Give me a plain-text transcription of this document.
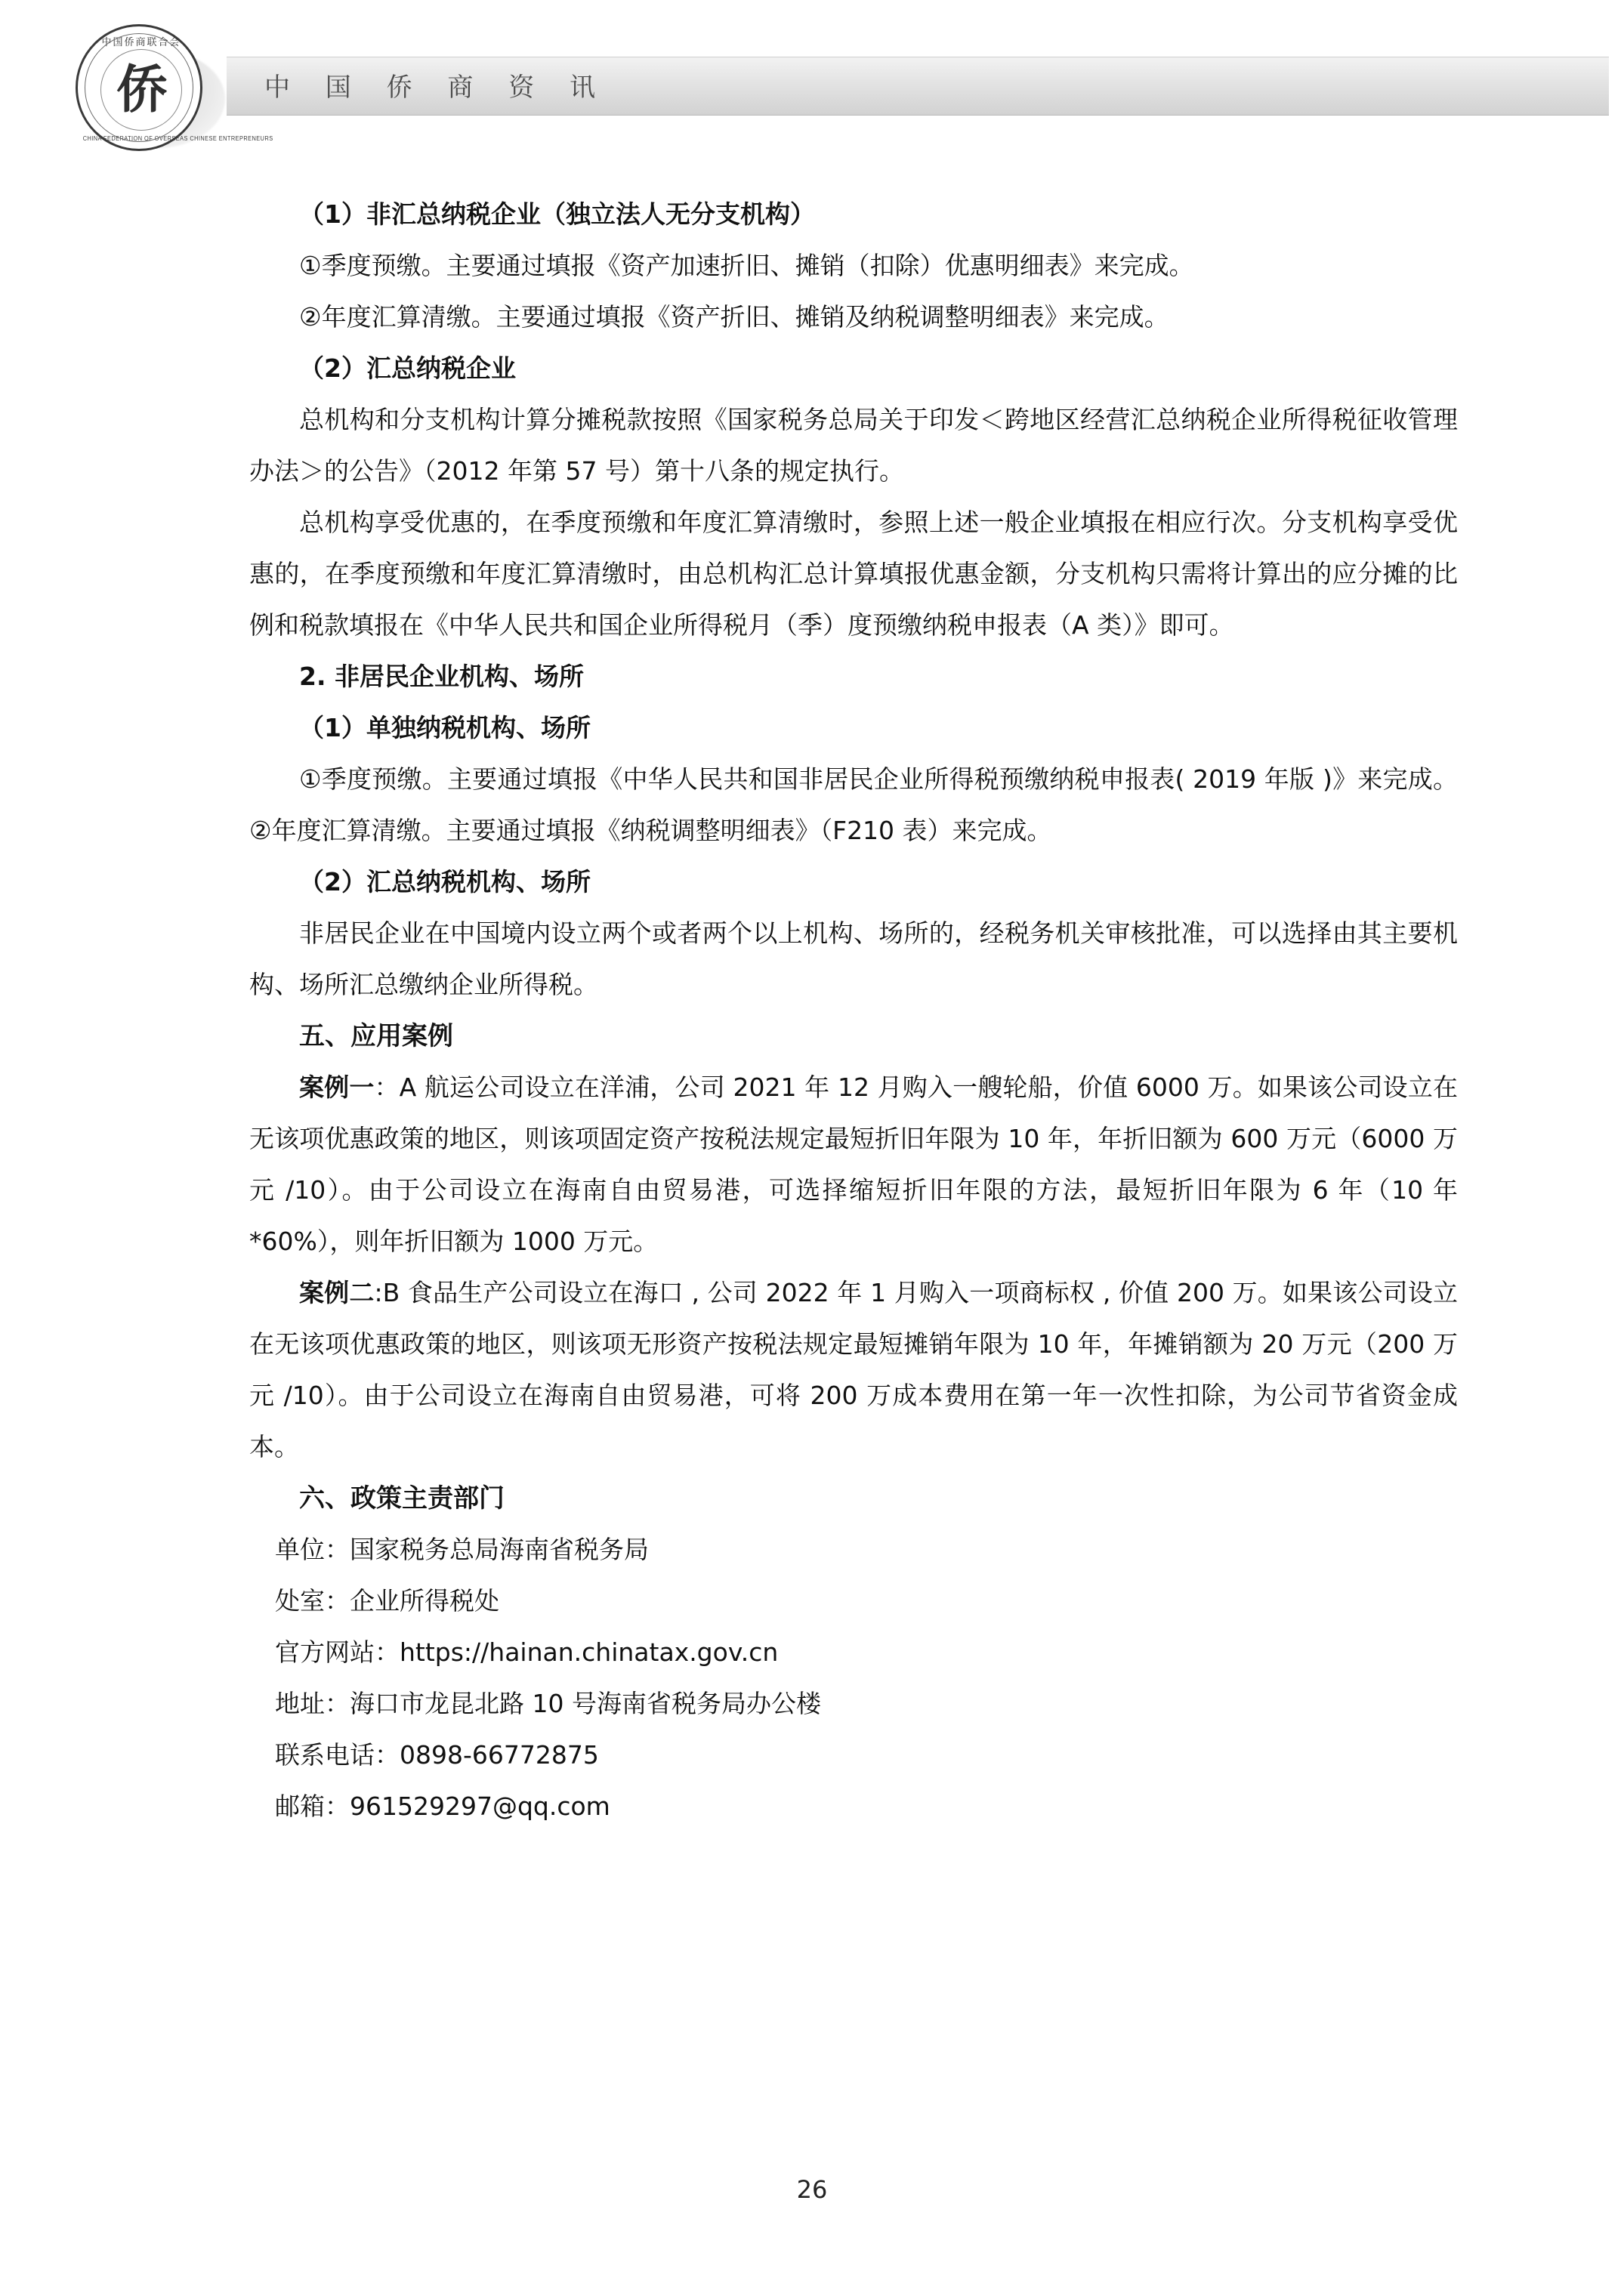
中 国 侨 商 资 讯
中国侨商联合会
侨
CHINA FEDERATION OF OVERSEAS CHINESE ENTREPRENEURS

（1）非汇总纳税企业（独立法人无分支机构）

①季度预缴。主要通过填报《资产加速折旧、摊销（扣除）优惠明细表》来完成。

②年度汇算清缴。主要通过填报《资产折旧、摊销及纳税调整明细表》来完成。

（2）汇总纳税企业

总机构和分支机构计算分摊税款按照《国家税务总局关于印发＜跨地区经营汇总纳税企业所得税征收管理办法＞的公告》（2012 年第 57 号）第十八条的规定执行。

总机构享受优惠的，在季度预缴和年度汇算清缴时，参照上述一般企业填报在相应行次。分支机构享受优惠的，在季度预缴和年度汇算清缴时，由总机构汇总计算填报优惠金额，分支机构只需将计算出的应分摊的比例和税款填报在《中华人民共和国企业所得税月（季）度预缴纳税申报表（A 类）》即可。

2. 非居民企业机构、场所

（1）单独纳税机构、场所

①季度预缴。主要通过填报《中华人民共和国非居民企业所得税预缴纳税申报表( 2019 年版 )》来完成。②年度汇算清缴。主要通过填报《纳税调整明细表》（F210 表）来完成。

（2）汇总纳税机构、场所

非居民企业在中国境内设立两个或者两个以上机构、场所的，经税务机关审核批准，可以选择由其主要机构、场所汇总缴纳企业所得税。

五、应用案例

案例一：A 航运公司设立在洋浦，公司 2021 年 12 月购入一艘轮船，价值 6000 万。如果该公司设立在无该项优惠政策的地区，则该项固定资产按税法规定最短折旧年限为 10 年，年折旧额为 600 万元（6000 万元 /10）。由于公司设立在海南自由贸易港，可选择缩短折旧年限的方法，最短折旧年限为 6 年（10 年 *60%），则年折旧额为 1000 万元。

案例二:B 食品生产公司设立在海口 , 公司 2022 年 1 月购入一项商标权 , 价值 200 万。如果该公司设立在无该项优惠政策的地区，则该项无形资产按税法规定最短摊销年限为 10 年，年摊销额为 20 万元（200 万元 /10）。由于公司设立在海南自由贸易港，可将 200 万成本费用在第一年一次性扣除，为公司节省资金成本。

六、政策主责部门

单位：国家税务总局海南省税务局

处室：企业所得税处

官方网站：https://hainan.chinatax.gov.cn

地址：海口市龙昆北路 10 号海南省税务局办公楼

联系电话：0898-66772875

邮箱：961529297@qq.com

26
